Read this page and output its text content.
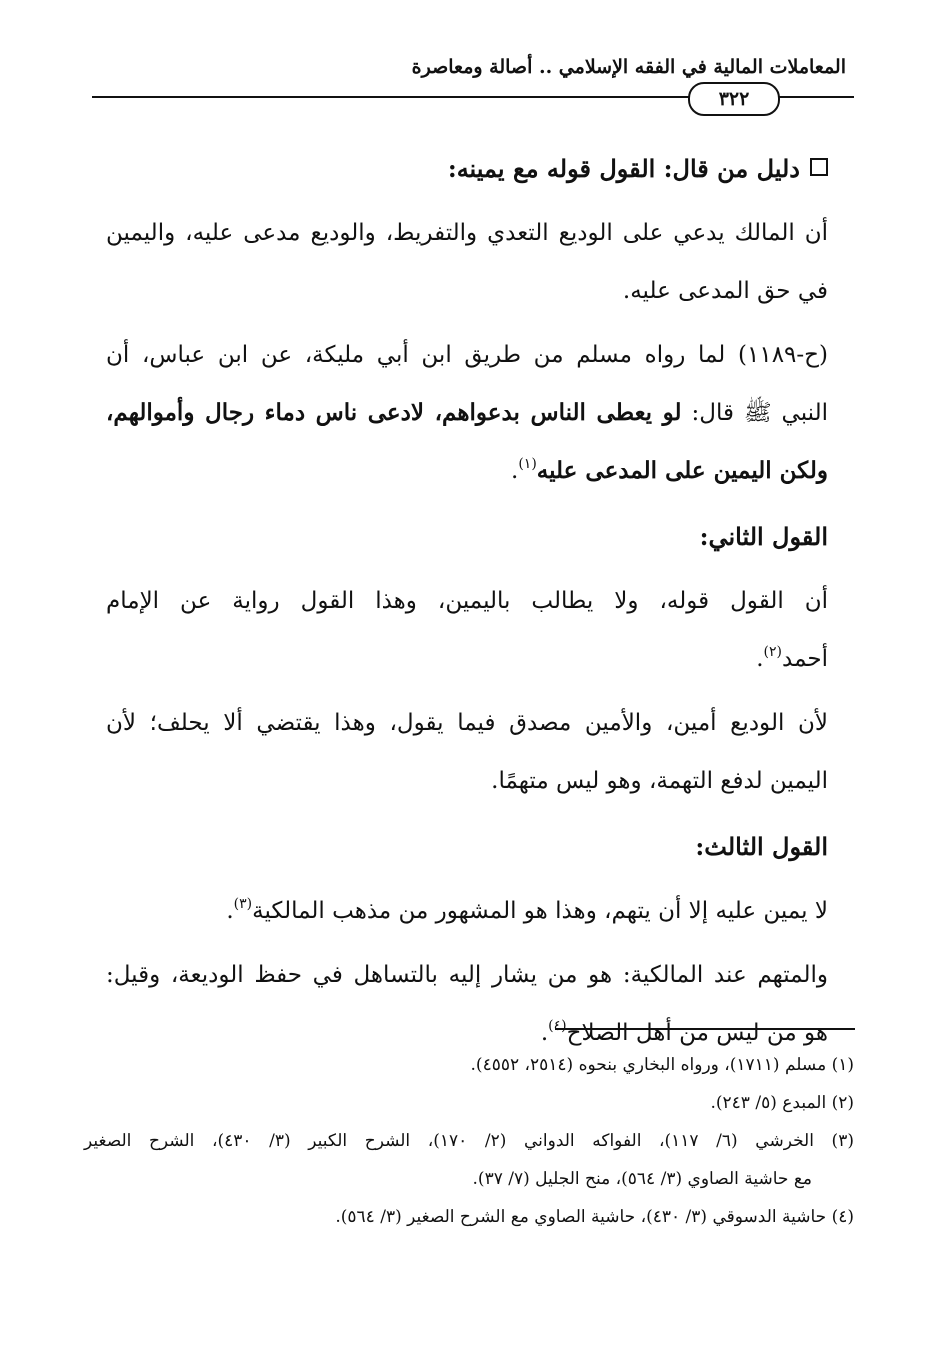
المعاملات المالية في الفقه الإسلامي .. أصالة ومعاصرة
٣٢٢
دليل من قال: القول قوله مع يمينه:
أن المالك يدعي على الوديع التعدي والتفريط، والوديع مدعى عليه، واليمين
في حق المدعى عليه.
(ح-١١٨٩) لما رواه مسلم من طريق ابن أبي مليكة، عن ابن عباس، أن
النبي ﷺ قال: لو يعطى الناس بدعواهم، لادعى ناس دماء رجال وأموالهم،
ولكن اليمين على المدعى عليه$^{(١)}$.
القول الثاني:
أن القول قوله، ولا يطالب باليمين، وهذا القول رواية عن الإمام
أحمد$^{(٢)}$.
لأن الوديع أمين، والأمين مصدق فيما يقول، وهذا يقتضي ألا يحلف؛ لأن
اليمين لدفع التهمة، وهو ليس متهمًا.
القول الثالث:
لا يمين عليه إلا أن يتهم، وهذا هو المشهور من مذهب المالكية$^{(٣)}$.
والمتهم عند المالكية: هو من يشار إليه بالتساهل في حفظ الوديعة، وقيل:
هو من ليس من أهل الصلاح$^{(٤)}$.
(١) مسلم (١٧١١)، ورواه البخاري بنحوه (٢٥١٤، ٤٥٥٢).
(٢) المبدع (٥/ ٢٤٣).
(٣) الخرشي (٦/ ١١٧)، الفواكه الدواني (٢/ ١٧٠)، الشرح الكبير (٣/ ٤٣٠)، الشرح الصغير
مع حاشية الصاوي (٣/ ٥٦٤)، منح الجليل (٧/ ٣٧).
(٤) حاشية الدسوقي (٣/ ٤٣٠)، حاشية الصاوي مع الشرح الصغير (٣/ ٥٦٤).
